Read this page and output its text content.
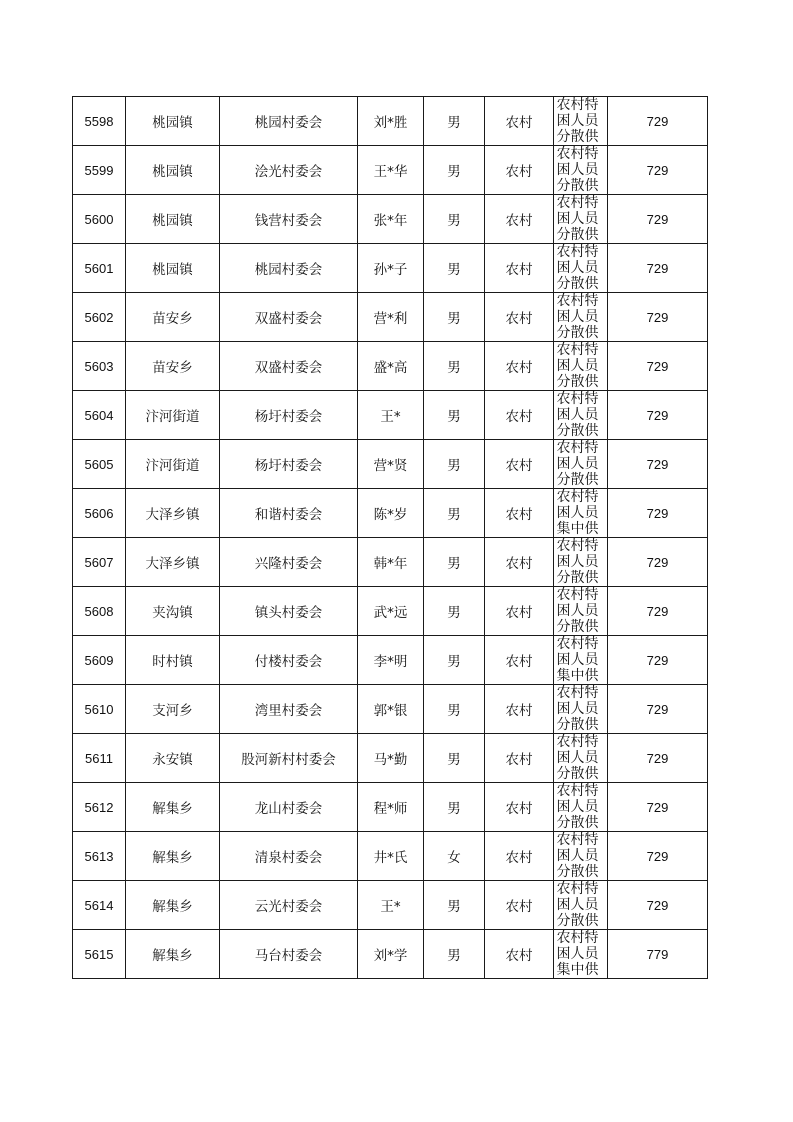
5598	桃园镇	桃园村委会	刘*胜	男	农村	农村特困人员分散供	729
5599	桃园镇	浍光村委会	王*华	男	农村	农村特困人员分散供	729
5600	桃园镇	钱营村委会	张*年	男	农村	农村特困人员分散供	729
5601	桃园镇	桃园村委会	孙*子	男	农村	农村特困人员分散供	729
5602	苗安乡	双盛村委会	营*利	男	农村	农村特困人员分散供	729
5603	苗安乡	双盛村委会	盛*高	男	农村	农村特困人员分散供	729
5604	汴河街道	杨圩村委会	王*	男	农村	农村特困人员分散供	729
5605	汴河街道	杨圩村委会	营*贤	男	农村	农村特困人员分散供	729
5606	大泽乡镇	和谐村委会	陈*岁	男	农村	农村特困人员集中供	729
5607	大泽乡镇	兴隆村委会	韩*年	男	农村	农村特困人员分散供	729
5608	夹沟镇	镇头村委会	武*远	男	农村	农村特困人员分散供	729
5609	时村镇	付楼村委会	李*明	男	农村	农村特困人员集中供	729
5610	支河乡	湾里村委会	郭*银	男	农村	农村特困人员分散供	729
5611	永安镇	股河新村村委会	马*勤	男	农村	农村特困人员分散供	729
5612	解集乡	龙山村委会	程*师	男	农村	农村特困人员分散供	729
5613	解集乡	清泉村委会	井*氏	女	农村	农村特困人员分散供	729
5614	解集乡	云光村委会	王*	男	农村	农村特困人员分散供	729
5615	解集乡	马台村委会	刘*学	男	农村	农村特困人员集中供	779
